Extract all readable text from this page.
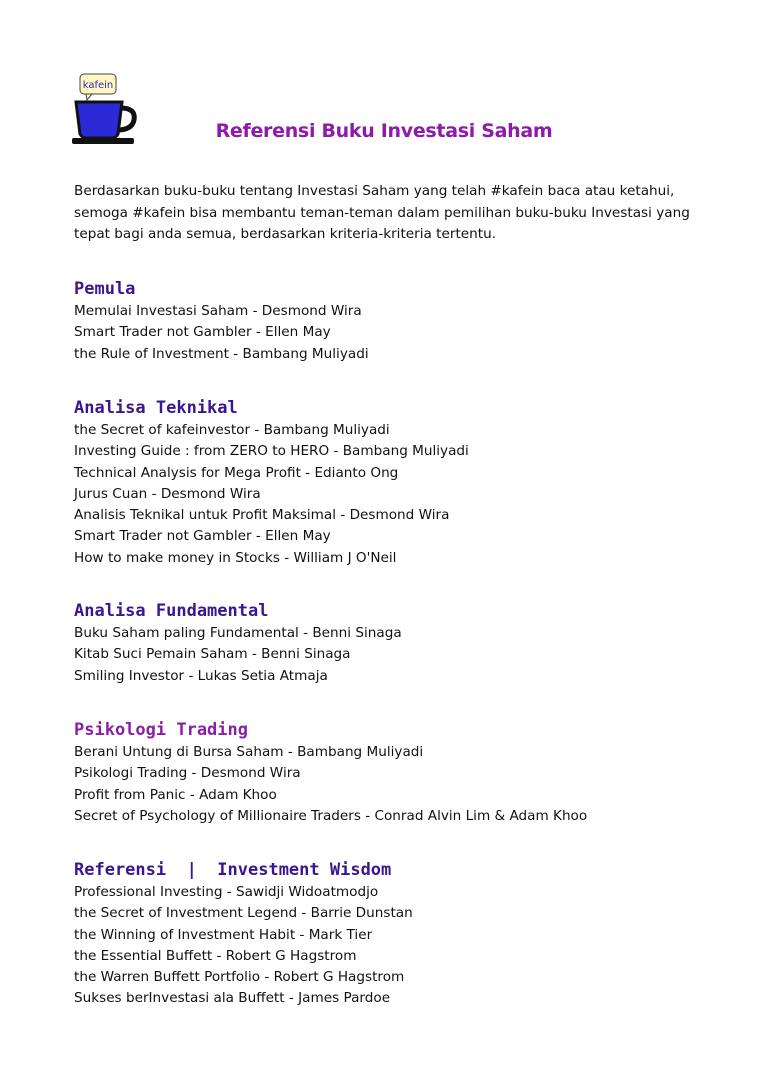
kafein
Referensi Buku Investasi Saham
Berdasarkan buku-buku tentang Investasi Saham yang telah #kafein baca atau ketahui, semoga #kafein bisa membantu teman-teman dalam pemilihan buku-buku Investasi yang tepat bagi anda semua, berdasarkan kriteria-kriteria tertentu.
Pemula
Memulai Investasi Saham - Desmond Wira
Smart Trader not Gambler - Ellen May
the Rule of Investment - Bambang Muliyadi
Analisa Teknikal
the Secret of kafeinvestor - Bambang Muliyadi
Investing Guide : from ZERO to HERO - Bambang Muliyadi
Technical Analysis for Mega Profit - Edianto Ong
Jurus Cuan - Desmond Wira
Analisis Teknikal untuk Profit Maksimal - Desmond Wira
Smart Trader not Gambler - Ellen May
How to make money in Stocks - William J O'Neil
Analisa Fundamental
Buku Saham paling Fundamental - Benni Sinaga
Kitab Suci Pemain Saham - Benni Sinaga
Smiling Investor - Lukas Setia Atmaja
Psikologi Trading
Berani Untung di Bursa Saham - Bambang Muliyadi
Psikologi Trading - Desmond Wira
Profit from Panic - Adam Khoo
Secret of Psychology of Millionaire Traders - Conrad Alvin Lim & Adam Khoo
Referensi  |  Investment Wisdom
Professional Investing - Sawidji Widoatmodjo
the Secret of Investment Legend - Barrie Dunstan
the Winning of Investment Habit - Mark Tier
the Essential Buffett - Robert G Hagstrom
the Warren Buffett Portfolio - Robert G Hagstrom
Sukses berInvestasi ala Buffett - James Pardoe
